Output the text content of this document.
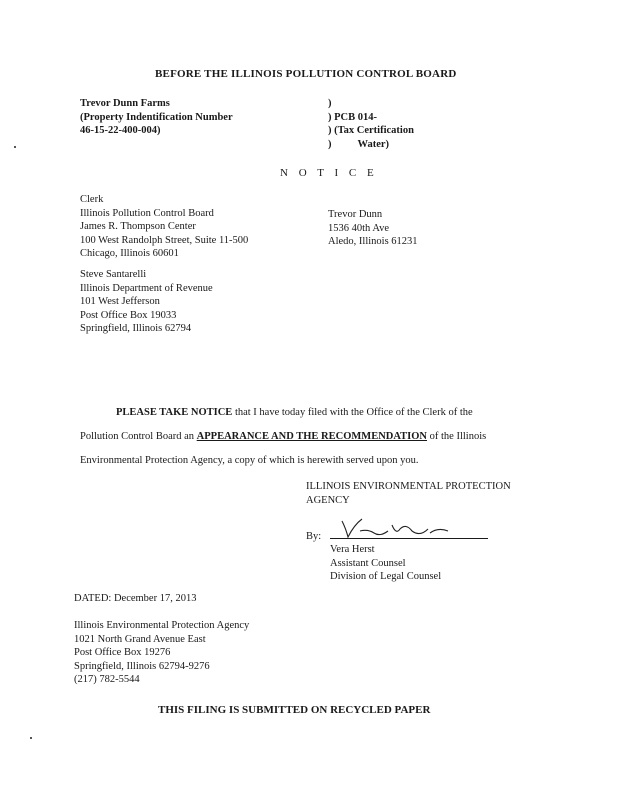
BEFORE THE ILLINOIS POLLUTION CONTROL BOARD
Trevor Dunn Farms
(Property Indentification Number
46-15-22-400-004)
)
) PCB 014-
) (Tax Certification
)          Water)
N O T I C E
Clerk
Illinois Pollution Control Board
James R. Thompson Center
100 West Randolph Street, Suite 11-500
Chicago, Illinois 60601
Trevor Dunn
1536 40th Ave
Aledo, Illinois 61231
Steve Santarelli
Illinois Department of Revenue
101 West Jefferson
Post Office Box 19033
Springfield, Illinois 62794
PLEASE TAKE NOTICE that I have today filed with the Office of the Clerk of the
Pollution Control Board an APPEARANCE AND THE RECOMMENDATION of the Illinois
Environmental Protection Agency, a copy of which is herewith served upon you.
ILLINOIS ENVIRONMENTAL PROTECTION
AGENCY
By:
Vera Herst
Assistant Counsel
Division of Legal Counsel
DATED: December 17, 2013
Illinois Environmental Protection Agency
1021 North Grand Avenue East
Post Office Box 19276
Springfield, Illinois 62794-9276
(217) 782-5544
THIS FILING IS SUBMITTED ON RECYCLED PAPER
